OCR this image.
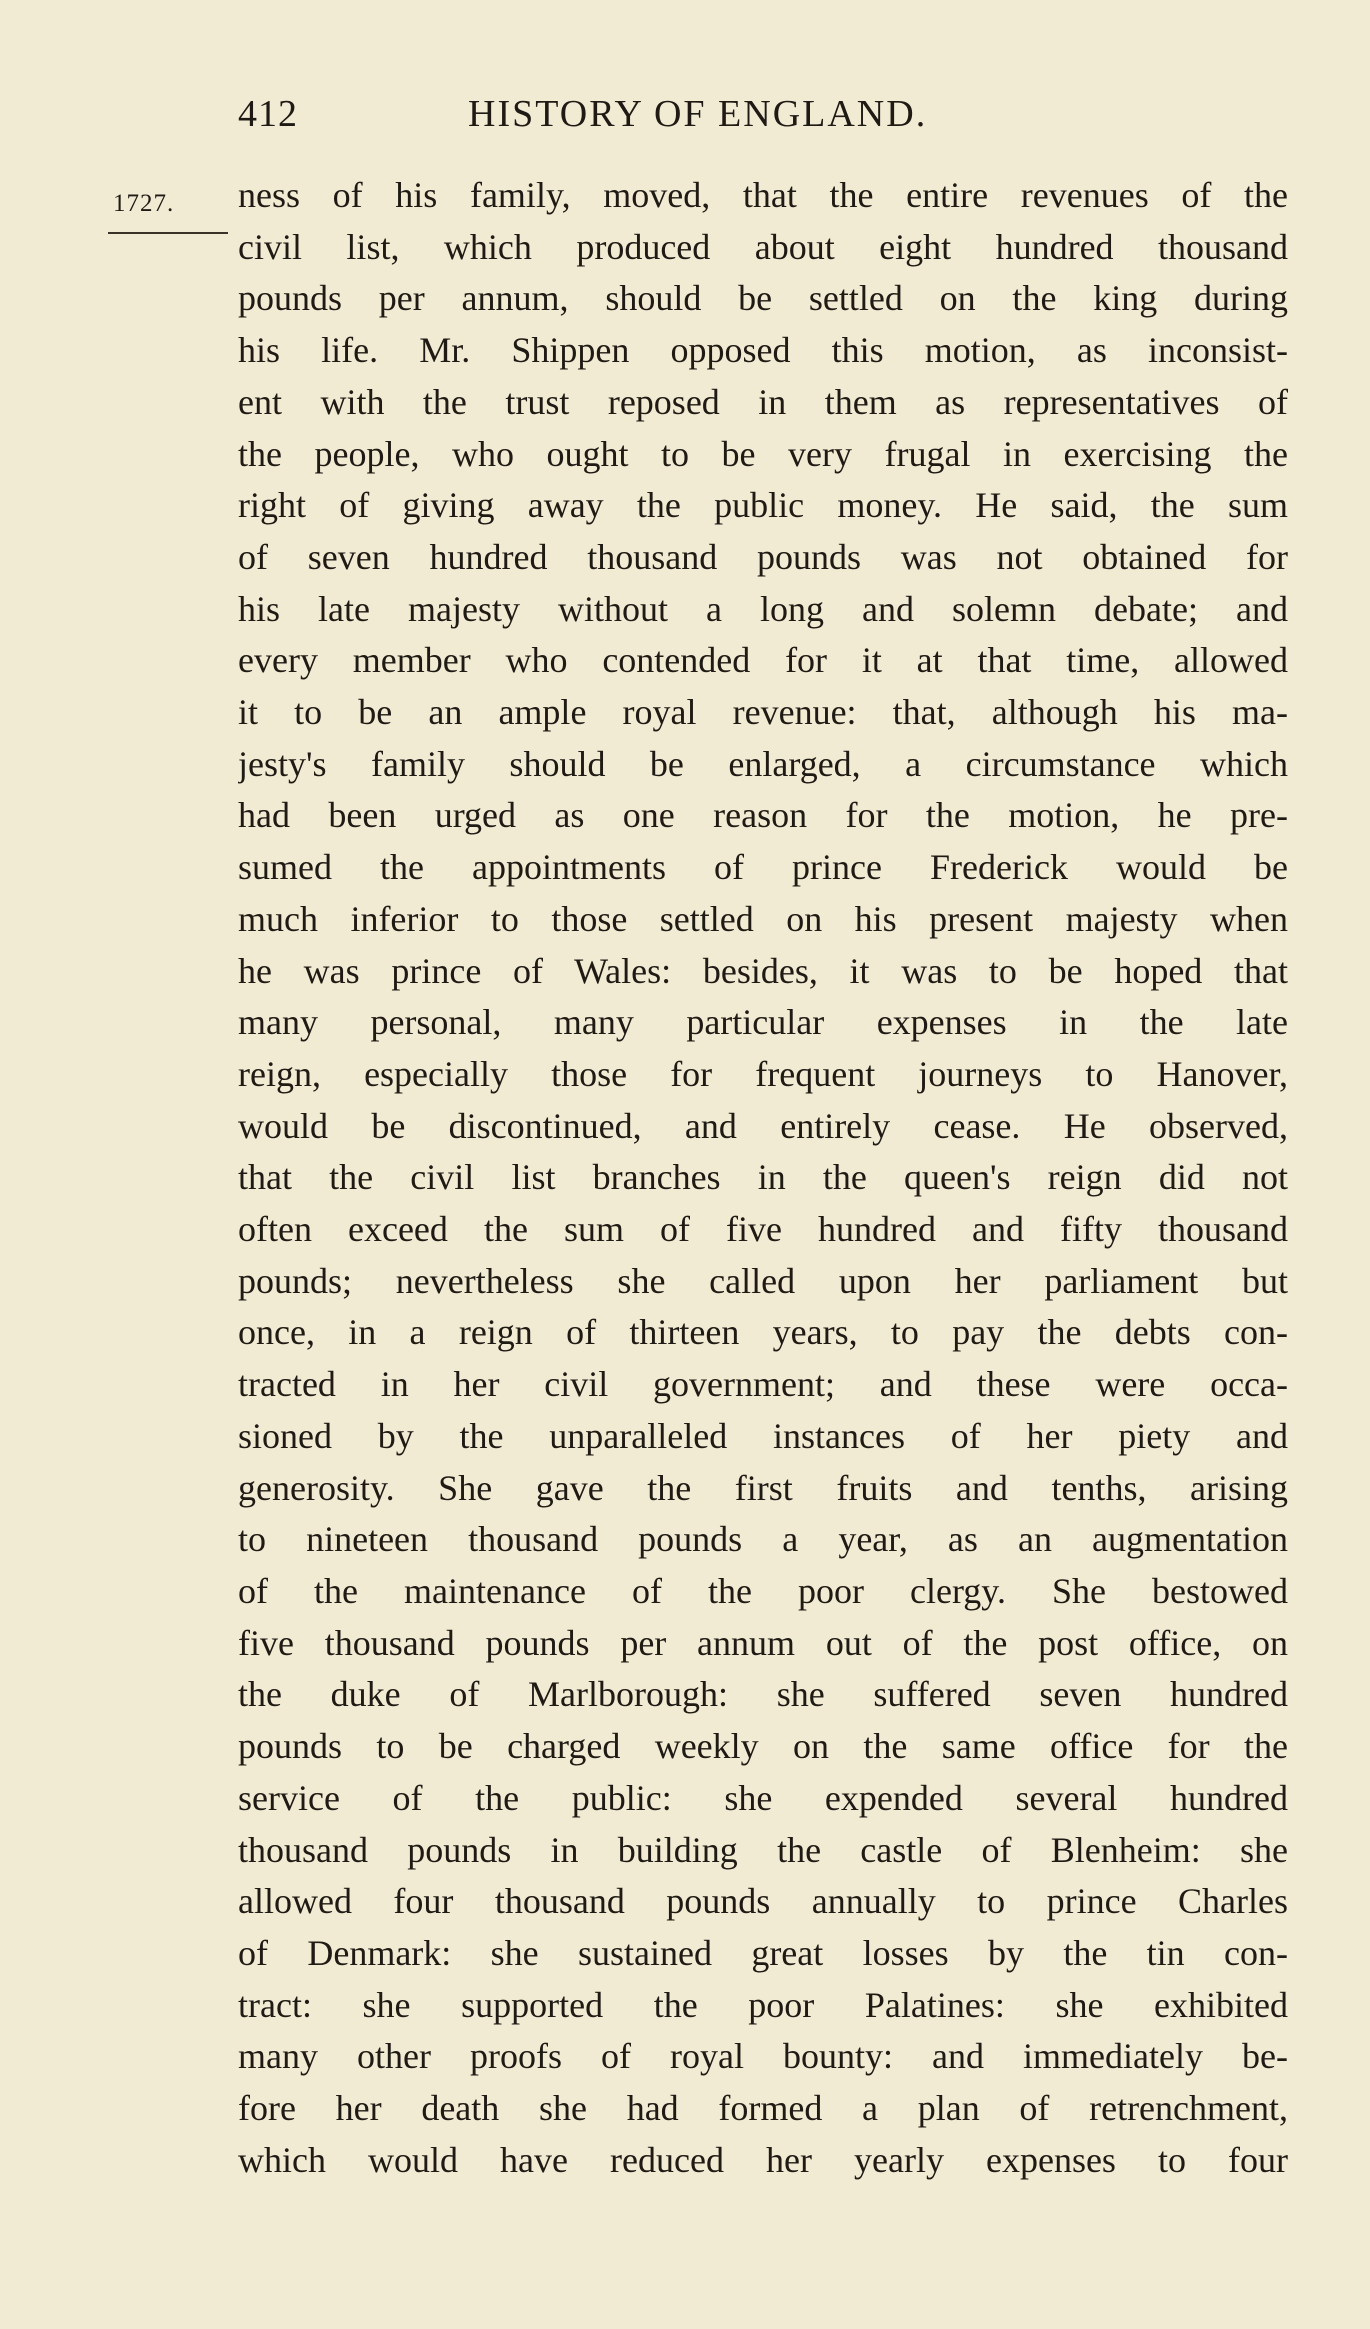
412	HISTORY OF ENGLAND.
1727. ness of his family, moved, that the entire revenues of the
civil list, which produced about eight hundred thousand
pounds per annum, should be settled on the king during
his life. Mr. Shippen opposed this motion, as inconsist-
ent with the trust reposed in them as representatives of
the people, who ought to be very frugal in exercising the
right of giving away the public money. He said, the sum
of seven hundred thousand pounds was not obtained for
his late majesty without a long and solemn debate; and
every member who contended for it at that time, allowed
it to be an ample royal revenue: that, although his ma-
jesty's family should be enlarged, a circumstance which
had been urged as one reason for the motion, he pre-
sumed the appointments of prince Frederick would be
much inferior to those settled on his present majesty when
he was prince of Wales: besides, it was to be hoped that
many personal, many particular expenses in the late
reign, especially those for frequent journeys to Hanover,
would be discontinued, and entirely cease. He observed,
that the civil list branches in the queen's reign did not
often exceed the sum of five hundred and fifty thousand
pounds; nevertheless she called upon her parliament but
once, in a reign of thirteen years, to pay the debts con-
tracted in her civil government; and these were occa-
sioned by the unparalleled instances of her piety and
generosity. She gave the first fruits and tenths, arising
to nineteen thousand pounds a year, as an augmentation
of the maintenance of the poor clergy. She bestowed
five thousand pounds per annum out of the post office, on
the duke of Marlborough: she suffered seven hundred
pounds to be charged weekly on the same office for the
service of the public: she expended several hundred
thousand pounds in building the castle of Blenheim: she
allowed four thousand pounds annually to prince Charles
of Denmark: she sustained great losses by the tin con-
tract: she supported the poor Palatines: she exhibited
many other proofs of royal bounty: and immediately be-
fore her death she had formed a plan of retrenchment,
which would have reduced her yearly expenses to four
